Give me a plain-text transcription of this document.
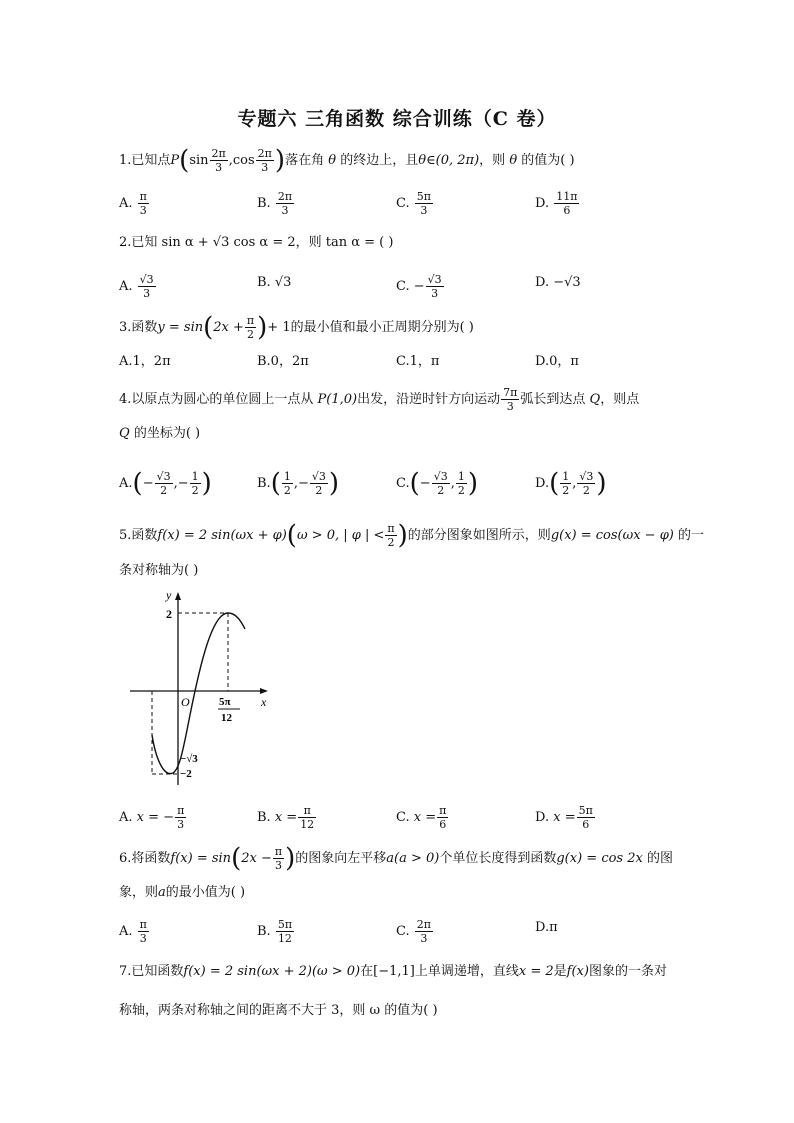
专题六 三角函数 综合训练（C 卷）
1.已知点$P(\sin \frac{2\pi}{3} ,\cos \frac{2\pi}{3}$ )落在角 θ 的终边上，且θ∈(0, 2π)，则 θ 的值为( )
A. $\frac{\pi}{3}$	B. $\frac{2\pi}{3}$	C. $\frac{5\pi}{3}$	D. $\frac{11\pi}{6}$
2.已知 sin α + √3 cos α = 2，则 tan α = ( )
A. $\frac{√3}{3}$	B. √3	C. − $\frac{√3}{3}$	D. −√3
3.函数$y = \sin(2x + \frac{\pi}{2}$ )+ 1的最小值和最小正周期分别为( )
A.1，2π	B.0，2π	C.1，π	D.0，π
4.以原点为圆心的单位圆上一点从 P(1,0)出发，沿逆时针方向运动 $\frac{7\pi}{3}$ 弧长到达点 Q，则点
Q 的坐标为( )
$A.(- \frac{√3}{2}$ ,− $\frac{1}{2}$ )	$B.( \frac{1}{2}$ ,− $\frac{√3}{2}$ )	$C.(- \frac{√3}{2}$ , $\frac{1}{2}$ )	$D.( \frac{1}{2}$ , $\frac{√3}{2}$ )
5.函数f(x) = 2 sin(ωx + φ)(ω > 0, | φ | < $\frac{\pi}{2}$ )的部分图象如图所示，则g(x) = cos(ωx − φ) 的一
条对称轴为( )
y
x
O
2
−√3
−2
5π
12
A. x = − $\frac{\pi}{3}$	B. $x = \frac{\pi}{12}$	C. $x = \frac{\pi}{6}$	D. $x = \frac{5\pi}{6}$
6.将函数$f(x) = \sin(2x - \frac{\pi}{3}$ )的图象向左平移a(a > 0)个单位长度得到函数g(x) = cos 2x 的图
象，则a的最小值为( )
A. $\frac{\pi}{3}$	B. $\frac{5\pi}{12}$	C. $\frac{2\pi}{3}$	D.π
7.已知函数f(x) = 2 sin(ωx + 2)(ω > 0)在[−1,1]上单调递增，直线x = 2是f(x)图象的一条对
称轴，两条对称轴之间的距离不大于 3，则 ω 的值为( )
